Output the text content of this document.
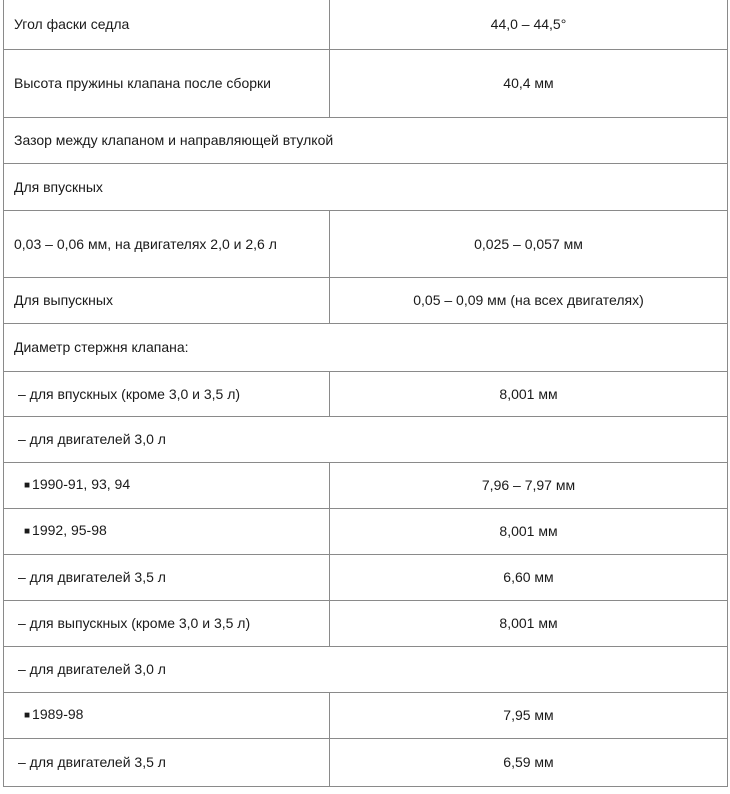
Угол фаски седла	44,0 – 44,5°
Высота пружины клапана после сборки	40,4 мм
Зазор между клапаном и направляющей втулкой	
Для впускных	
0,03 – 0,06 мм, на двигателях 2,0 и 2,6 л	0,025 – 0,057 мм
Для выпускных	0,05 – 0,09 мм (на всех двигателях)
Диаметр стержня клапана:	
– для впускных (кроме 3,0 и 3,5 л)	8,001 мм
– для двигателей 3,0 л	
■ 1990-91, 93, 94	7,96 – 7,97 мм
■ 1992, 95-98	8,001 мм
– для двигателей 3,5 л	6,60 мм
– для выпускных (кроме 3,0 и 3,5 л)	8,001 мм
– для двигателей 3,0 л	
■ 1989-98	7,95 мм
– для двигателей 3,5 л	6,59 мм
